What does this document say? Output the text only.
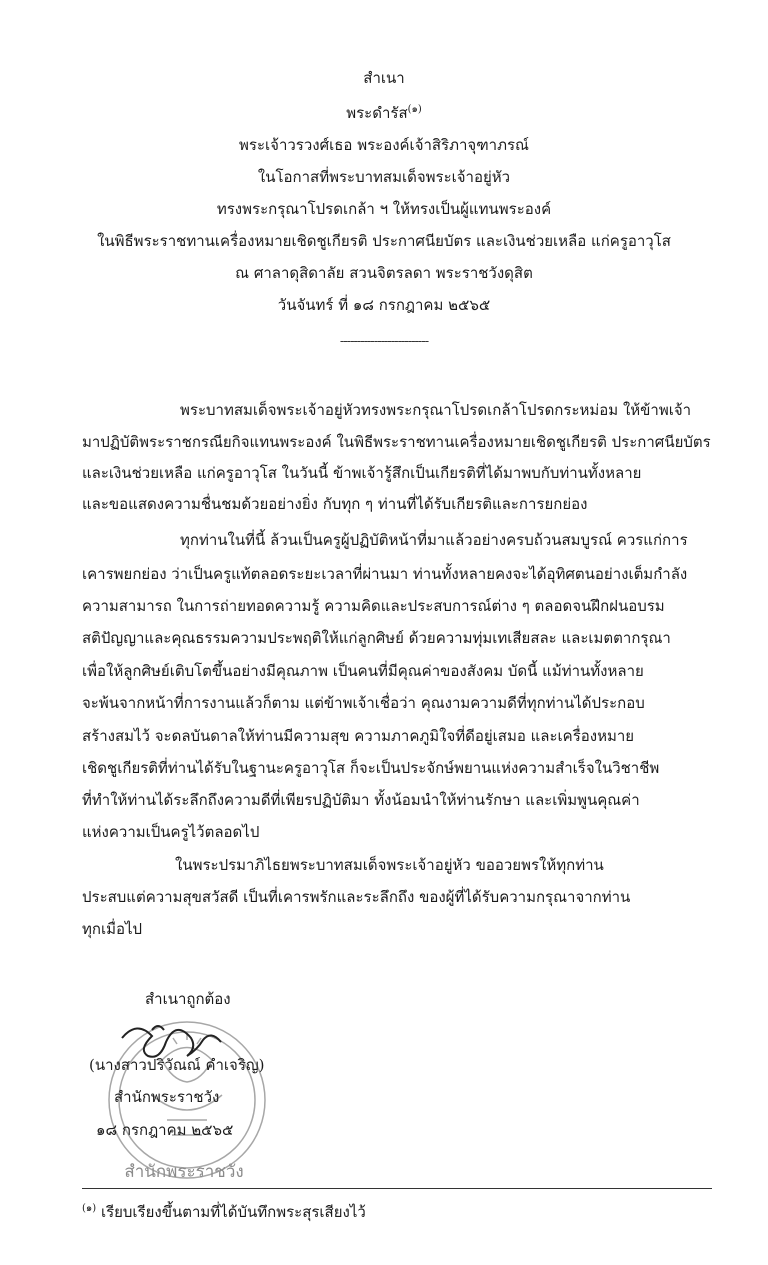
สำเนา
พระดำรัส$^{(๑)}$
พระเจ้าวรวงศ์เธอ พระองค์เจ้าสิริภาจุฑาภรณ์
ในโอกาสที่พระบาทสมเด็จพระเจ้าอยู่หัว
ทรงพระกรุณาโปรดเกล้า ฯ ให้ทรงเป็นผู้แทนพระองค์
ในพิธีพระราชทานเครื่องหมายเชิดชูเกียรติ ประกาศนียบัตร และเงินช่วยเหลือ แก่ครูอาวุโส
ณ ศาลาดุสิดาลัย สวนจิตรลดา พระราชวังดุสิต
วันจันทร์ ที่ ๑๘ กรกฎาคม ๒๕๖๕
--------------------------
พระบาทสมเด็จพระเจ้าอยู่หัวทรงพระกรุณาโปรดเกล้าโปรดกระหม่อม ให้ข้าพเจ้า
มาปฏิบัติพระราชกรณียกิจแทนพระองค์ ในพิธีพระราชทานเครื่องหมายเชิดชูเกียรติ ประกาศนียบัตร
และเงินช่วยเหลือ แก่ครูอาวุโส ในวันนี้ ข้าพเจ้ารู้สึกเป็นเกียรติที่ได้มาพบกับท่านทั้งหลาย
และขอแสดงความชื่นชมด้วยอย่างยิ่ง กับทุก ๆ ท่านที่ได้รับเกียรติและการยกย่อง
ทุกท่านในที่นี้ ล้วนเป็นครูผู้ปฏิบัติหน้าที่มาแล้วอย่างครบถ้วนสมบูรณ์ ควรแก่การ
เคารพยกย่อง ว่าเป็นครูแท้ตลอดระยะเวลาที่ผ่านมา ท่านทั้งหลายคงจะได้อุทิศตนอย่างเต็มกำลัง
ความสามารถ ในการถ่ายทอดความรู้ ความคิดและประสบการณ์ต่าง ๆ ตลอดจนฝึกฝนอบรม
สติปัญญาและคุณธรรมความประพฤติให้แก่ลูกศิษย์ ด้วยความทุ่มเทเสียสละ และเมตตากรุณา
เพื่อให้ลูกศิษย์เติบโตขึ้นอย่างมีคุณภาพ เป็นคนที่มีคุณค่าของสังคม บัดนี้ แม้ท่านทั้งหลาย
จะพ้นจากหน้าที่การงานแล้วก็ตาม แต่ข้าพเจ้าเชื่อว่า คุณงามความดีที่ทุกท่านได้ประกอบ
สร้างสมไว้ จะดลบันดาลให้ท่านมีความสุข ความภาคภูมิใจที่ดีอยู่เสมอ และเครื่องหมาย
เชิดชูเกียรติที่ท่านได้รับในฐานะครูอาวุโส ก็จะเป็นประจักษ์พยานแห่งความสำเร็จในวิชาชีพ
ที่ทำให้ท่านได้ระลึกถึงความดีที่เพียรปฏิบัติมา ทั้งน้อมนำให้ท่านรักษา และเพิ่มพูนคุณค่า
แห่งความเป็นครูไว้ตลอดไป
ในพระปรมาภิไธยพระบาทสมเด็จพระเจ้าอยู่หัว ขออวยพรให้ทุกท่าน
ประสบแต่ความสุขสวัสดี เป็นที่เคารพรักและระลึกถึง ของผู้ที่ได้รับความกรุณาจากท่าน
ทุกเมื่อไป
สำนักพระราชวัง
สำเนาถูกต้อง
(นางสาวปริวัณณ์ คำเจริญ)
สำนักพระราชวัง
๑๘ กรกฎาคม ๒๕๖๕
$^{(๑)}$ เรียบเรียงขึ้นตามที่ได้บันทึกพระสุรเสียงไว้
